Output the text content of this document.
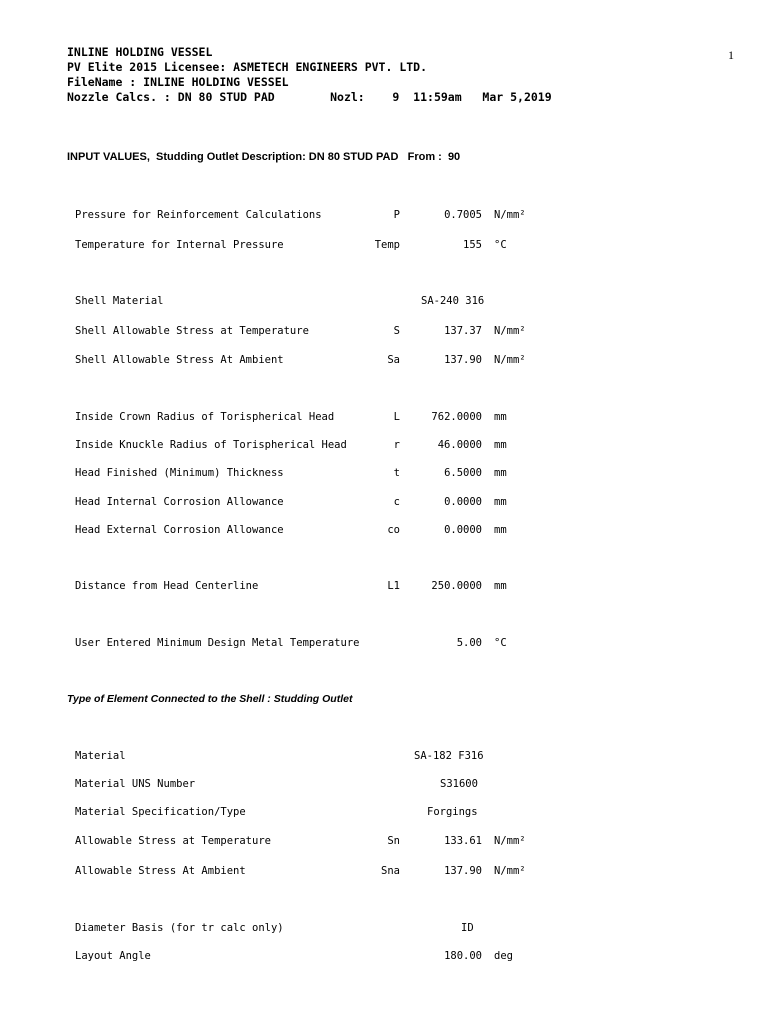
INLINE HOLDING VESSEL
PV Elite 2015 Licensee: ASMETECH ENGINEERS PVT. LTD.
FileName : INLINE HOLDING VESSEL
Nozzle Calcs. : DN 80 STUD PAD        Nozl:    9  11:59am   Mar 5,2019
1
INPUT VALUES,  Studding Outlet Description: DN 80 STUD PAD   From :  90
Pressure for Reinforcement Calculations	P	0.7005 N/mm²
Temperature for Internal Pressure	Temp	155 °C
Shell Material	SA-240 316
Shell Allowable Stress at Temperature	S	137.37 N/mm²
Shell Allowable Stress At Ambient	Sa	137.90 N/mm²
Inside Crown Radius of Torispherical Head	L	762.0000 mm
Inside Knuckle Radius of Torispherical Head	r	46.0000 mm
Head Finished (Minimum) Thickness	t	6.5000 mm
Head Internal Corrosion Allowance	c	0.0000 mm
Head External Corrosion Allowance	co	0.0000 mm
Distance from Head Centerline	L1	250.0000 mm
User Entered Minimum Design Metal Temperature	5.00 °C
Type of Element Connected to the Shell : Studding Outlet
Material	SA-182 F316
Material UNS Number	S31600
Material Specification/Type	Forgings
Allowable Stress at Temperature	Sn	133.61 N/mm²
Allowable Stress At Ambient	Sna	137.90 N/mm²
Diameter Basis (for tr calc only)	ID
Layout Angle	180.00 deg
